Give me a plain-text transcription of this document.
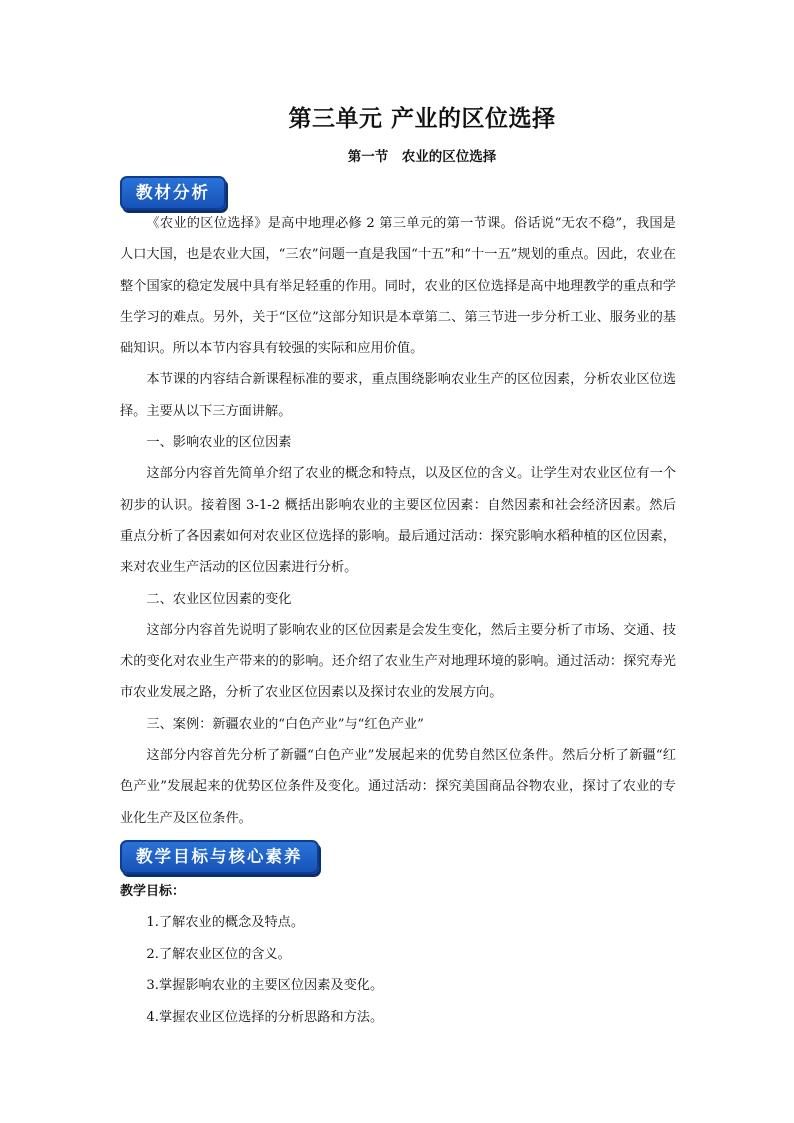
第三单元 产业的区位选择
第一节　农业的区位选择
教材分析

《农业的区位选择》是高中地理必修 2 第三单元的第一节课。俗话说“无农不稳”，我国是人口大国，也是农业大国，“三农”问题一直是我国“十五”和“十一五”规划的重点。因此，农业在整个国家的稳定发展中具有举足轻重的作用。同时，农业的区位选择是高中地理教学的重点和学生学习的难点。另外，关于“区位”这部分知识是本章第二、第三节进一步分析工业、服务业的基础知识。所以本节内容具有较强的实际和应用价值。

本节课的内容结合新课程标准的要求，重点围绕影响农业生产的区位因素，分析农业区位选择。主要从以下三方面讲解。

一、影响农业的区位因素

这部分内容首先简单介绍了农业的概念和特点，以及区位的含义。让学生对农业区位有一个初步的认识。接着图 3-1-2 概括出影响农业的主要区位因素：自然因素和社会经济因素。然后重点分析了各因素如何对农业区位选择的影响。最后通过活动：探究影响水稻种植的区位因素，来对农业生产活动的区位因素进行分析。

二、农业区位因素的变化

这部分内容首先说明了影响农业的区位因素是会发生变化，然后主要分析了市场、交通、技术的变化对农业生产带来的的影响。还介绍了农业生产对地理环境的影响。通过活动：探究寿光市农业发展之路，分析了农业区位因素以及探讨农业的发展方向。

三、案例：新疆农业的“白色产业”与“红色产业”

这部分内容首先分析了新疆“白色产业”发展起来的优势自然区位条件。然后分析了新疆“红色产业”发展起来的优势区位条件及变化。通过活动：探究美国商品谷物农业，探讨了农业的专业化生产及区位条件。

教学目标与核心素养
教学目标：
1.了解农业的概念及特点。
2.了解农业区位的含义。
3.掌握影响农业的主要区位因素及变化。
4.掌握农业区位选择的分析思路和方法。
